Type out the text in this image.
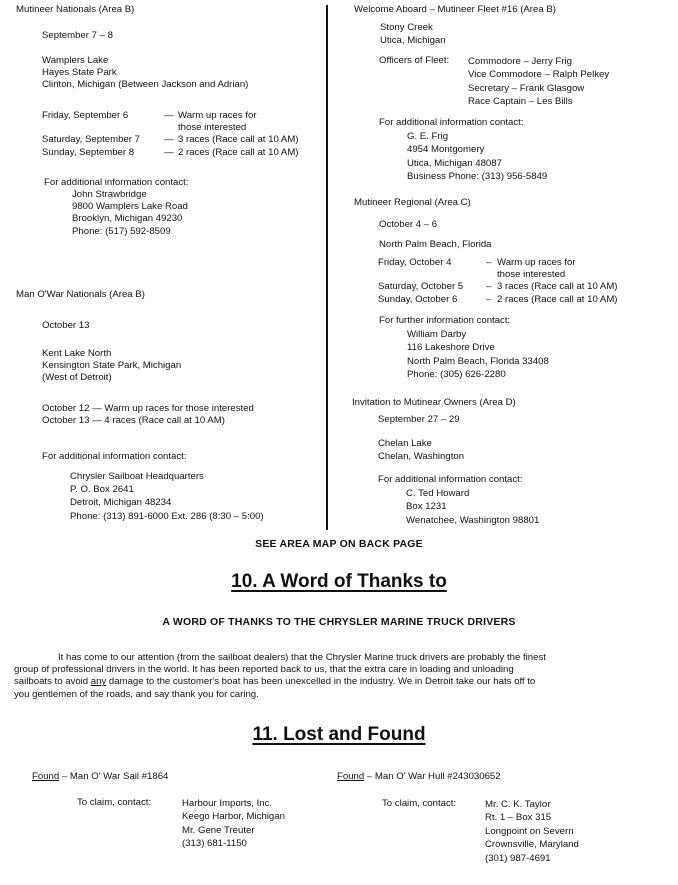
Mutineer Nationals (Area B)
September 7 – 8
Wamplers Lake
Hayes State Park
Clinton, Michigan (Between Jackson and Adrian)
Friday, September 6	— Warm up races for
those interested
Saturday, September 7	— 3 races (Race call at 10 AM)
Sunday, September 8	— 2 races (Race call at 10 AM)
For additional information contact:
John Strawbridge
9800 Wamplers Lake Road
Brooklyn, Michigan 49230
Phone: (517) 592-8509
Man O'War Nationals (Area B)
October 13
Kent Lake North
Kensington State Park, Michigan
(West of Detroit)
October 12 — Warm up races for those interested
October 13 — 4 races (Race call at 10 AM)
For additional information contact:
Chrysler Sailboat Headquarters
P. O. Box 2641
Detroit, Michigan 48234
Phone: (313) 891-6000 Ext. 286 (8:30 – 5:00)
Welcome Aboard – Mutineer Fleet #16 (Area B)
Stony Creek
Utica, Michigan
Officers of Fleet: Commodore – Jerry Frig
Vice Commodore – Ralph Pelkey
Secretary – Frank Glasgow
Race Captain – Les Bills
For additional information contact:
G. E. Frig
4954 Montgomery
Utica, Michigan 48087
Business Phone: (313) 956-5849
Mutineer Regional (Area C)
October 4 – 6
North Palm Beach, Florida
Friday, October 4	– Warm up races for
those interested
Saturday, October 5	– 3 races (Race call at 10 AM)
Sunday, October 6	– 2 races (Race call at 10 AM)
For further information contact:
William Darby
116 Lakeshore Drive
North Palm Beach, Florida 33408
Phone: (305) 626-2280
Invitation to Mutinear Owners (Area D)
September 27 – 29
Chelan Lake
Chelan, Washington
For additional information contact:
C. Ted Howard
Box 1231
Wenatchee, Washington 98801
SEE AREA MAP ON BACK PAGE
10. A Word of Thanks to
A WORD OF THANKS TO THE CHRYSLER MARINE TRUCK DRIVERS
It has come to our attention (from the sailboat dealers) that the Chrysler Marine truck drivers are probably the finest
group of professional drivers in the world. It has been reported back to us, that the extra care in loading and unloading
sailboats to avoid any damage to the customer's boat has been unexcelled in the industry. We in Detroit take our hats off to
you gentlemen of the roads, and say thank you for caring.
11. Lost and Found
Found – Man O' War Sail #1864
To claim, contact:	Harbour Imports, Inc.
Keego Harbor, Michigan
Mr. Gene Treuter
(313) 681-1150
Found – Man O' War Hull #243030652
To claim, contact:	Mr. C. K. Taylor
Rt. 1 – Box 315
Longpoint on Severn
Crownsville, Maryland
(301) 987-4691
